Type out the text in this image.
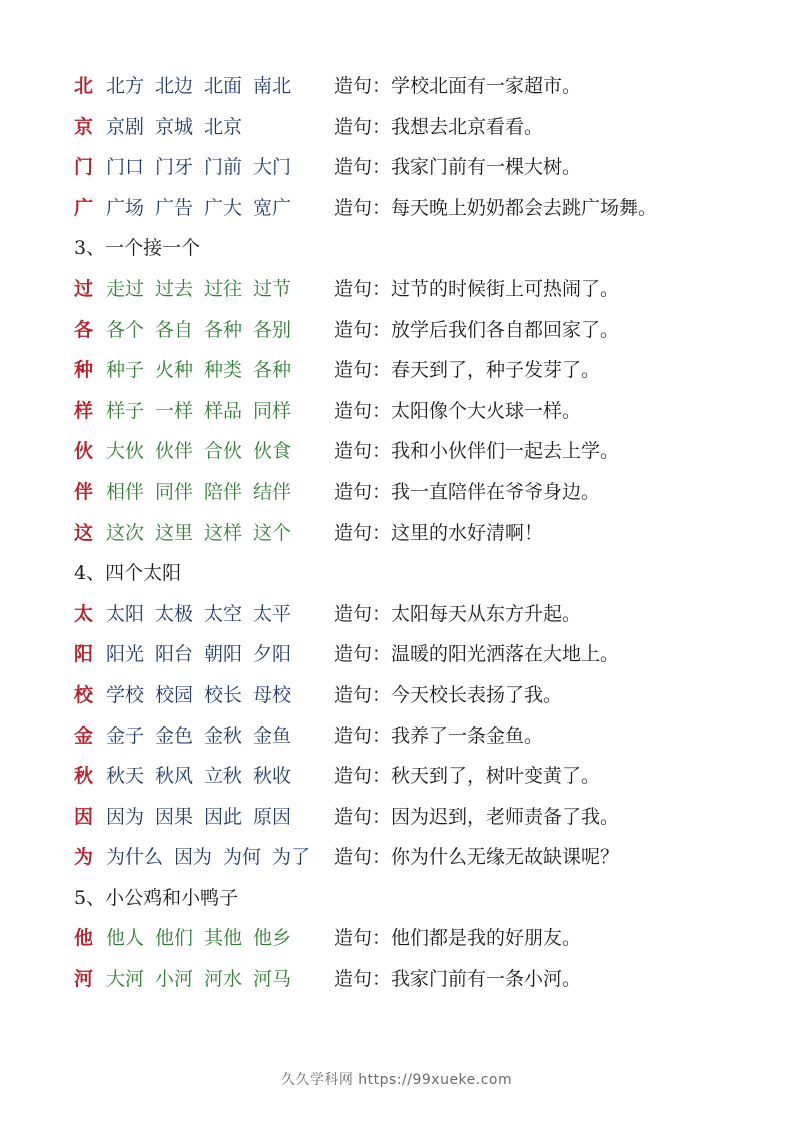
北 北方 北边 北面 南北 造句：学校北面有一家超市。
京 京剧 京城 北京	造句：我想去北京看看。
门 门口 门牙 门前 大门 造句：我家门前有一棵大树。
广 广场 广告 广大 宽广 造句：每天晚上奶奶都会去跳广场舞。
3、一个接一个
过 走过 过去 过往 过节 造句：过节的时候街上可热闹了。
各 各个 各自 各种 各别 造句：放学后我们各自都回家了。
种 种子 火种 种类 各种 造句：春天到了，种子发芽了。
样 样子 一样 样品 同样 造句：太阳像个大火球一样。
伙 大伙 伙伴 合伙 伙食 造句：我和小伙伴们一起去上学。
伴 相伴 同伴 陪伴 结伴 造句：我一直陪伴在爷爷身边。
这 这次 这里 这样 这个 造句：这里的水好清啊！
4、四个太阳
太 太阳 太极 太空 太平 造句：太阳每天从东方升起。
阳 阳光 阳台 朝阳 夕阳 造句：温暖的阳光洒落在大地上。
校 学校 校园 校长 母校 造句：今天校长表扬了我。
金 金子 金色 金秋 金鱼 造句：我养了一条金鱼。
秋 秋天 秋风 立秋 秋收 造句：秋天到了，树叶变黄了。
因 因为 因果 因此 原因 造句：因为迟到，老师责备了我。
为 为什么 因为 为何 为了 造句：你为什么无缘无故缺课呢？
5、小公鸡和小鸭子
他 他人 他们 其他 他乡 造句：他们都是我的好朋友。
河 大河 小河 河水 河马 造句：我家门前有一条小河。
久久学科网 https://99xueke.com
